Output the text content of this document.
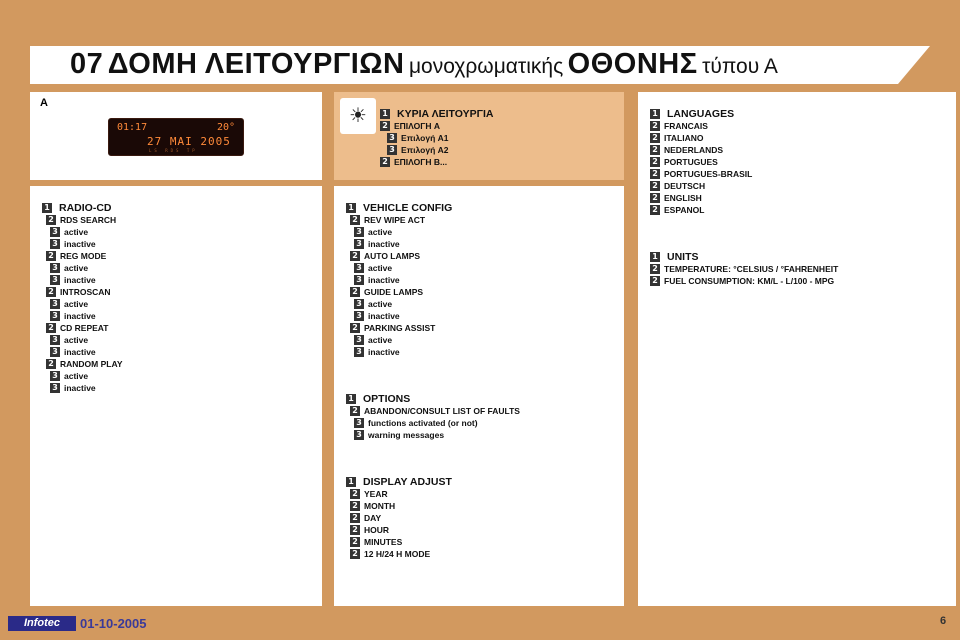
07 ΔΟΜΗ ΛΕΙΤΟΥΡΓΙΩΝ μονοχρωματικής ΟΘΟΝΗΣ τύπου Α
A
01:17	20°
27 MAI 2005
LS RDS TP
☀	1 ΚΥΡΙΑ ΛΕΙΤΟΥΡΓΙΑ
2 ΕΠΙΛΟΓΗ A
3 Επιλογή A1
3 Επιλογή A2
2 ΕΠΙΛΟΓΗ B...
1 RADIO-CD
2 RDS SEARCH
3 active
3 inactive
2 REG MODE
3 active
3 inactive
2 INTROSCAN
3 active
3 inactive
2 CD REPEAT
3 active
3 inactive
2 RANDOM PLAY
3 active
3 inactive
1 VEHICLE CONFIG
2 REV WIPE ACT
3 active
3 inactive
2 AUTO LAMPS
3 active
3 inactive
2 GUIDE LAMPS
3 active
3 inactive
2 PARKING ASSIST
3 active
3 inactive
1 OPTIONS
2 ABANDON/CONSULT LIST OF FAULTS
3 functions activated (or not)
3 warning messages
1 DISPLAY ADJUST
2 YEAR
2 MONTH
2 DAY
2 HOUR
2 MINUTES
2 12 H/24 H MODE
1 LANGUAGES
2 FRANCAIS
2 ITALIANO
2 NEDERLANDS
2 PORTUGUES
2 PORTUGUES-BRASIL
2 DEUTSCH
2 ENGLISH
2 ESPANOL
1 UNITS
2 TEMPERATURE: °CELSIUS / °FAHRENHEIT
2 FUEL CONSUMPTION: KM/L - L/100 - MPG
Infotec	01-10-2005	6
